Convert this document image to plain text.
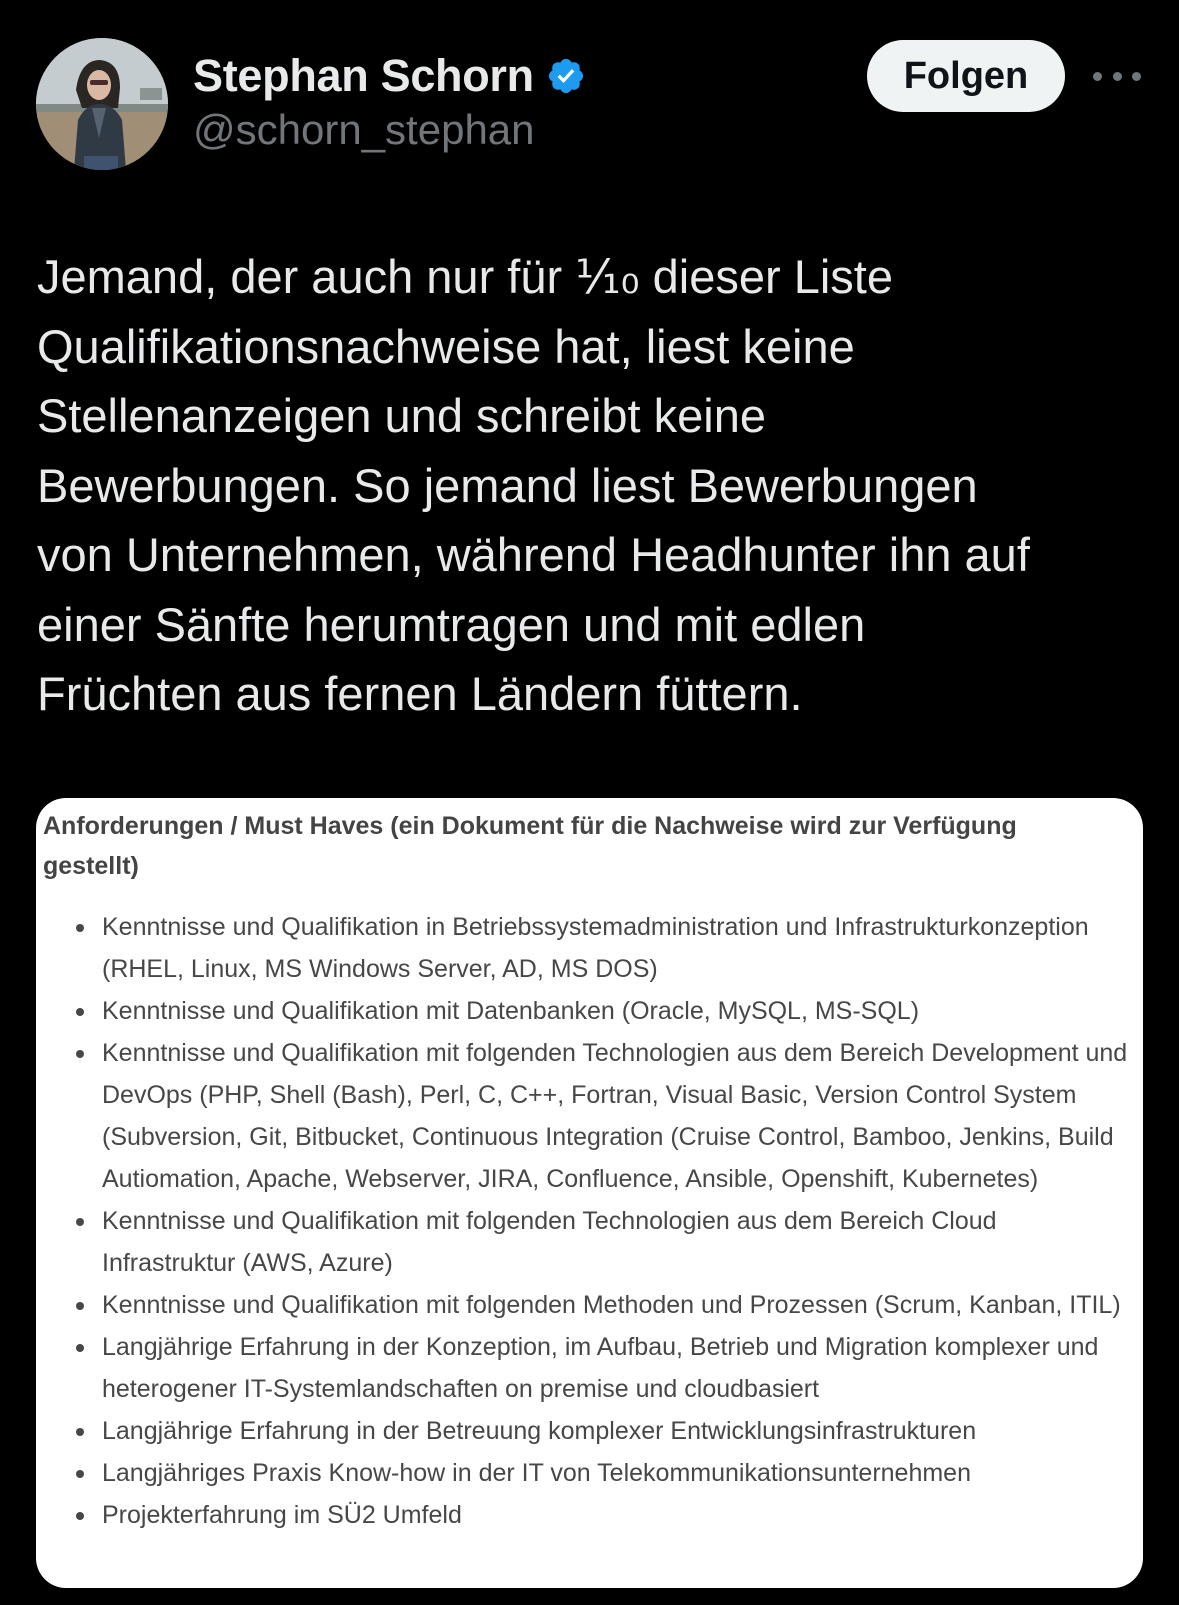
Stephan Schorn
@schorn_stephan
Folgen
Jemand, der auch nur für ⅒ dieser Liste
Qualifikationsnachweise hat, liest keine
Stellenanzeigen und schreibt keine
Bewerbungen. So jemand liest Bewerbungen
von Unternehmen, während Headhunter ihn auf
einer Sänfte herumtragen und mit edlen
Früchten aus fernen Ländern füttern.
Anforderungen / Must Haves (ein Dokument für die Nachweise wird zur Verfügung gestellt)
Kenntnisse und Qualifikation in Betriebssystemadministration und Infrastrukturkonzeption (RHEL, Linux, MS Windows Server, AD, MS DOS)
Kenntnisse und Qualifikation mit Datenbanken (Oracle, MySQL, MS-SQL)
Kenntnisse und Qualifikation mit folgenden Technologien aus dem Bereich Development und DevOps (PHP, Shell (Bash), Perl, C, C++, Fortran, Visual Basic, Version Control System (Subversion, Git, Bitbucket, Continuous Integration (Cruise Control, Bamboo, Jenkins, Build Autiomation, Apache, Webserver, JIRA, Confluence, Ansible, Openshift, Kubernetes)
Kenntnisse und Qualifikation mit folgenden Technologien aus dem Bereich Cloud Infrastruktur (AWS, Azure)
Kenntnisse und Qualifikation mit folgenden Methoden und Prozessen (Scrum, Kanban, ITIL)
Langjährige Erfahrung in der Konzeption, im Aufbau, Betrieb und Migration komplexer und heterogener IT-Systemlandschaften on premise und cloudbasiert
Langjährige Erfahrung in der Betreuung komplexer Entwicklungsinfrastrukturen
Langjähriges Praxis Know-how in der IT von Telekommunikationsunternehmen
Projekterfahrung im SÜ2 Umfeld
